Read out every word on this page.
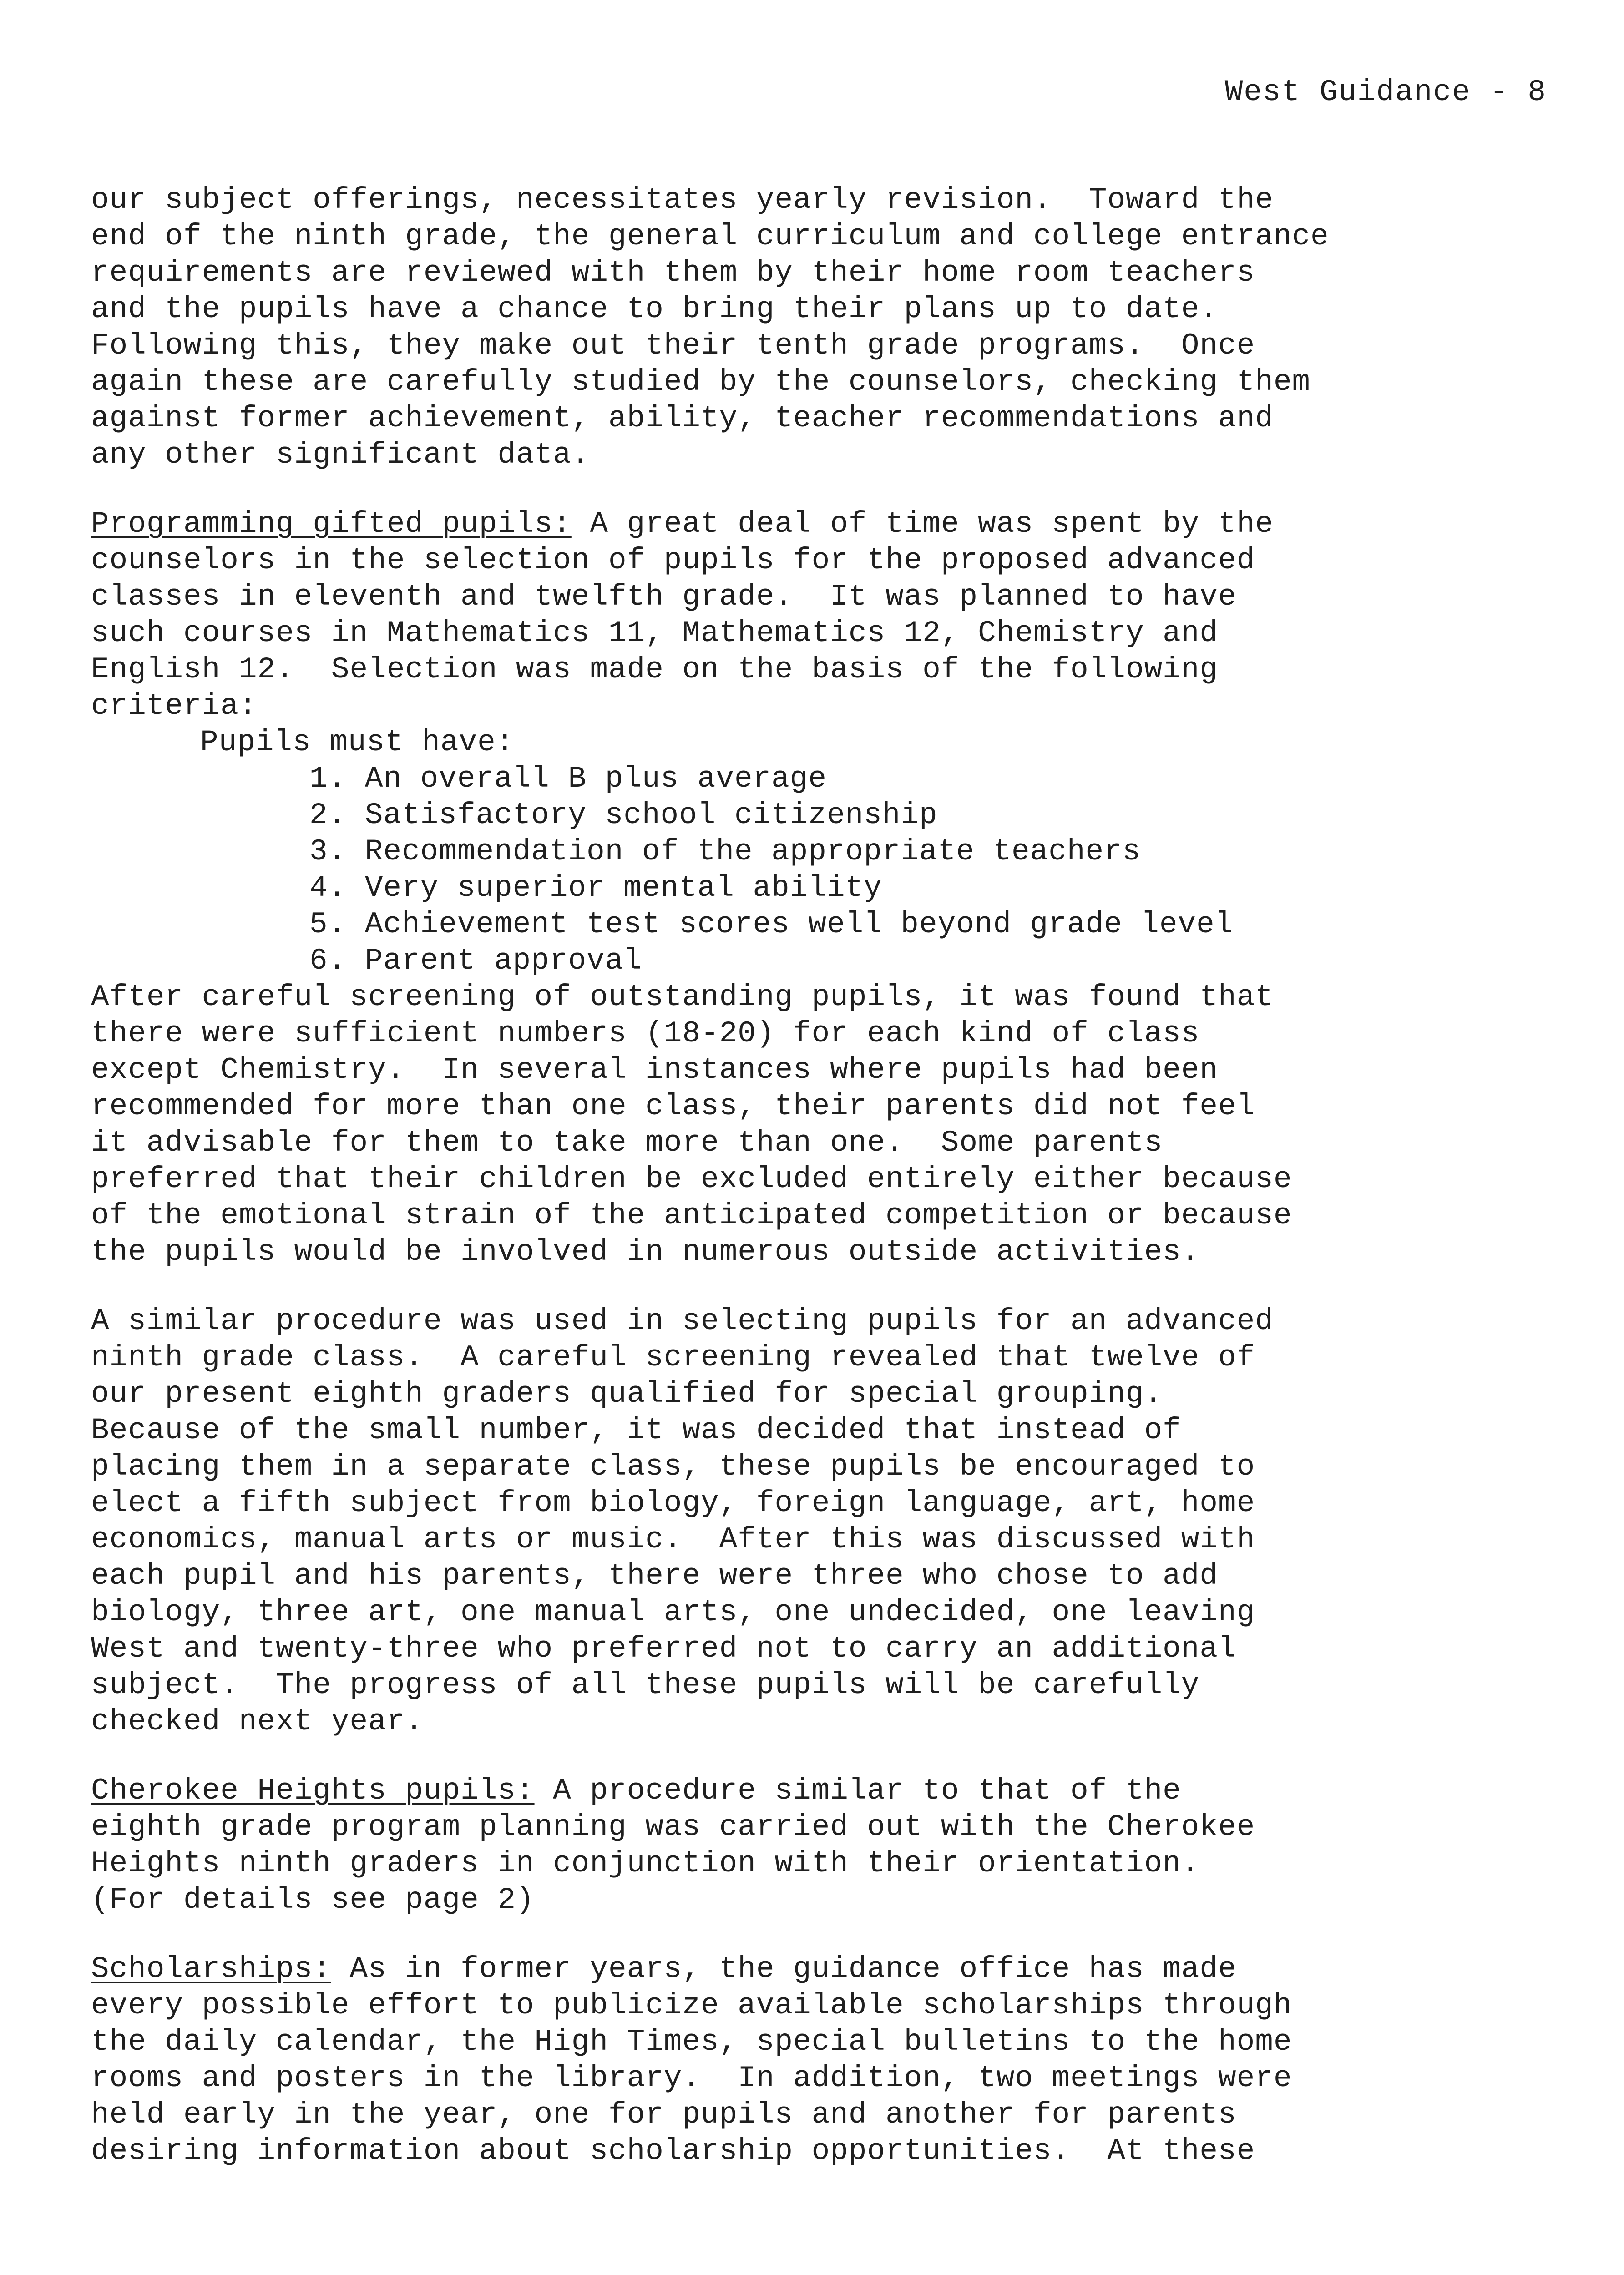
West Guidance - 8
our subject offerings, necessitates yearly revision.  Toward the
end of the ninth grade, the general curriculum and college entrance
requirements are reviewed with them by their home room teachers
and the pupils have a chance to bring their plans up to date.
Following this, they make out their tenth grade programs.  Once
again these are carefully studied by the counselors, checking them
against former achievement, ability, teacher recommendations and
any other significant data.
Programming gifted pupils: A great deal of time was spent by the
counselors in the selection of pupils for the proposed advanced
classes in eleventh and twelfth grade.  It was planned to have
such courses in Mathematics 11, Mathematics 12, Chemistry and
English 12.  Selection was made on the basis of the following
criteria:
Pupils must have:
1. An overall B plus average
2. Satisfactory school citizenship
3. Recommendation of the appropriate teachers
4. Very superior mental ability
5. Achievement test scores well beyond grade level
6. Parent approval
After careful screening of outstanding pupils, it was found that
there were sufficient numbers (18-20) for each kind of class
except Chemistry.  In several instances where pupils had been
recommended for more than one class, their parents did not feel
it advisable for them to take more than one.  Some parents
preferred that their children be excluded entirely either because
of the emotional strain of the anticipated competition or because
the pupils would be involved in numerous outside activities.
A similar procedure was used in selecting pupils for an advanced
ninth grade class.  A careful screening revealed that twelve of
our present eighth graders qualified for special grouping.
Because of the small number, it was decided that instead of
placing them in a separate class, these pupils be encouraged to
elect a fifth subject from biology, foreign language, art, home
economics, manual arts or music.  After this was discussed with
each pupil and his parents, there were three who chose to add
biology, three art, one manual arts, one undecided, one leaving
West and twenty-three who preferred not to carry an additional
subject.  The progress of all these pupils will be carefully
checked next year.
Cherokee Heights pupils: A procedure similar to that of the
eighth grade program planning was carried out with the Cherokee
Heights ninth graders in conjunction with their orientation.
(For details see page 2)
Scholarships: As in former years, the guidance office has made
every possible effort to publicize available scholarships through
the daily calendar, the High Times, special bulletins to the home
rooms and posters in the library.  In addition, two meetings were
held early in the year, one for pupils and another for parents
desiring information about scholarship opportunities.  At these
